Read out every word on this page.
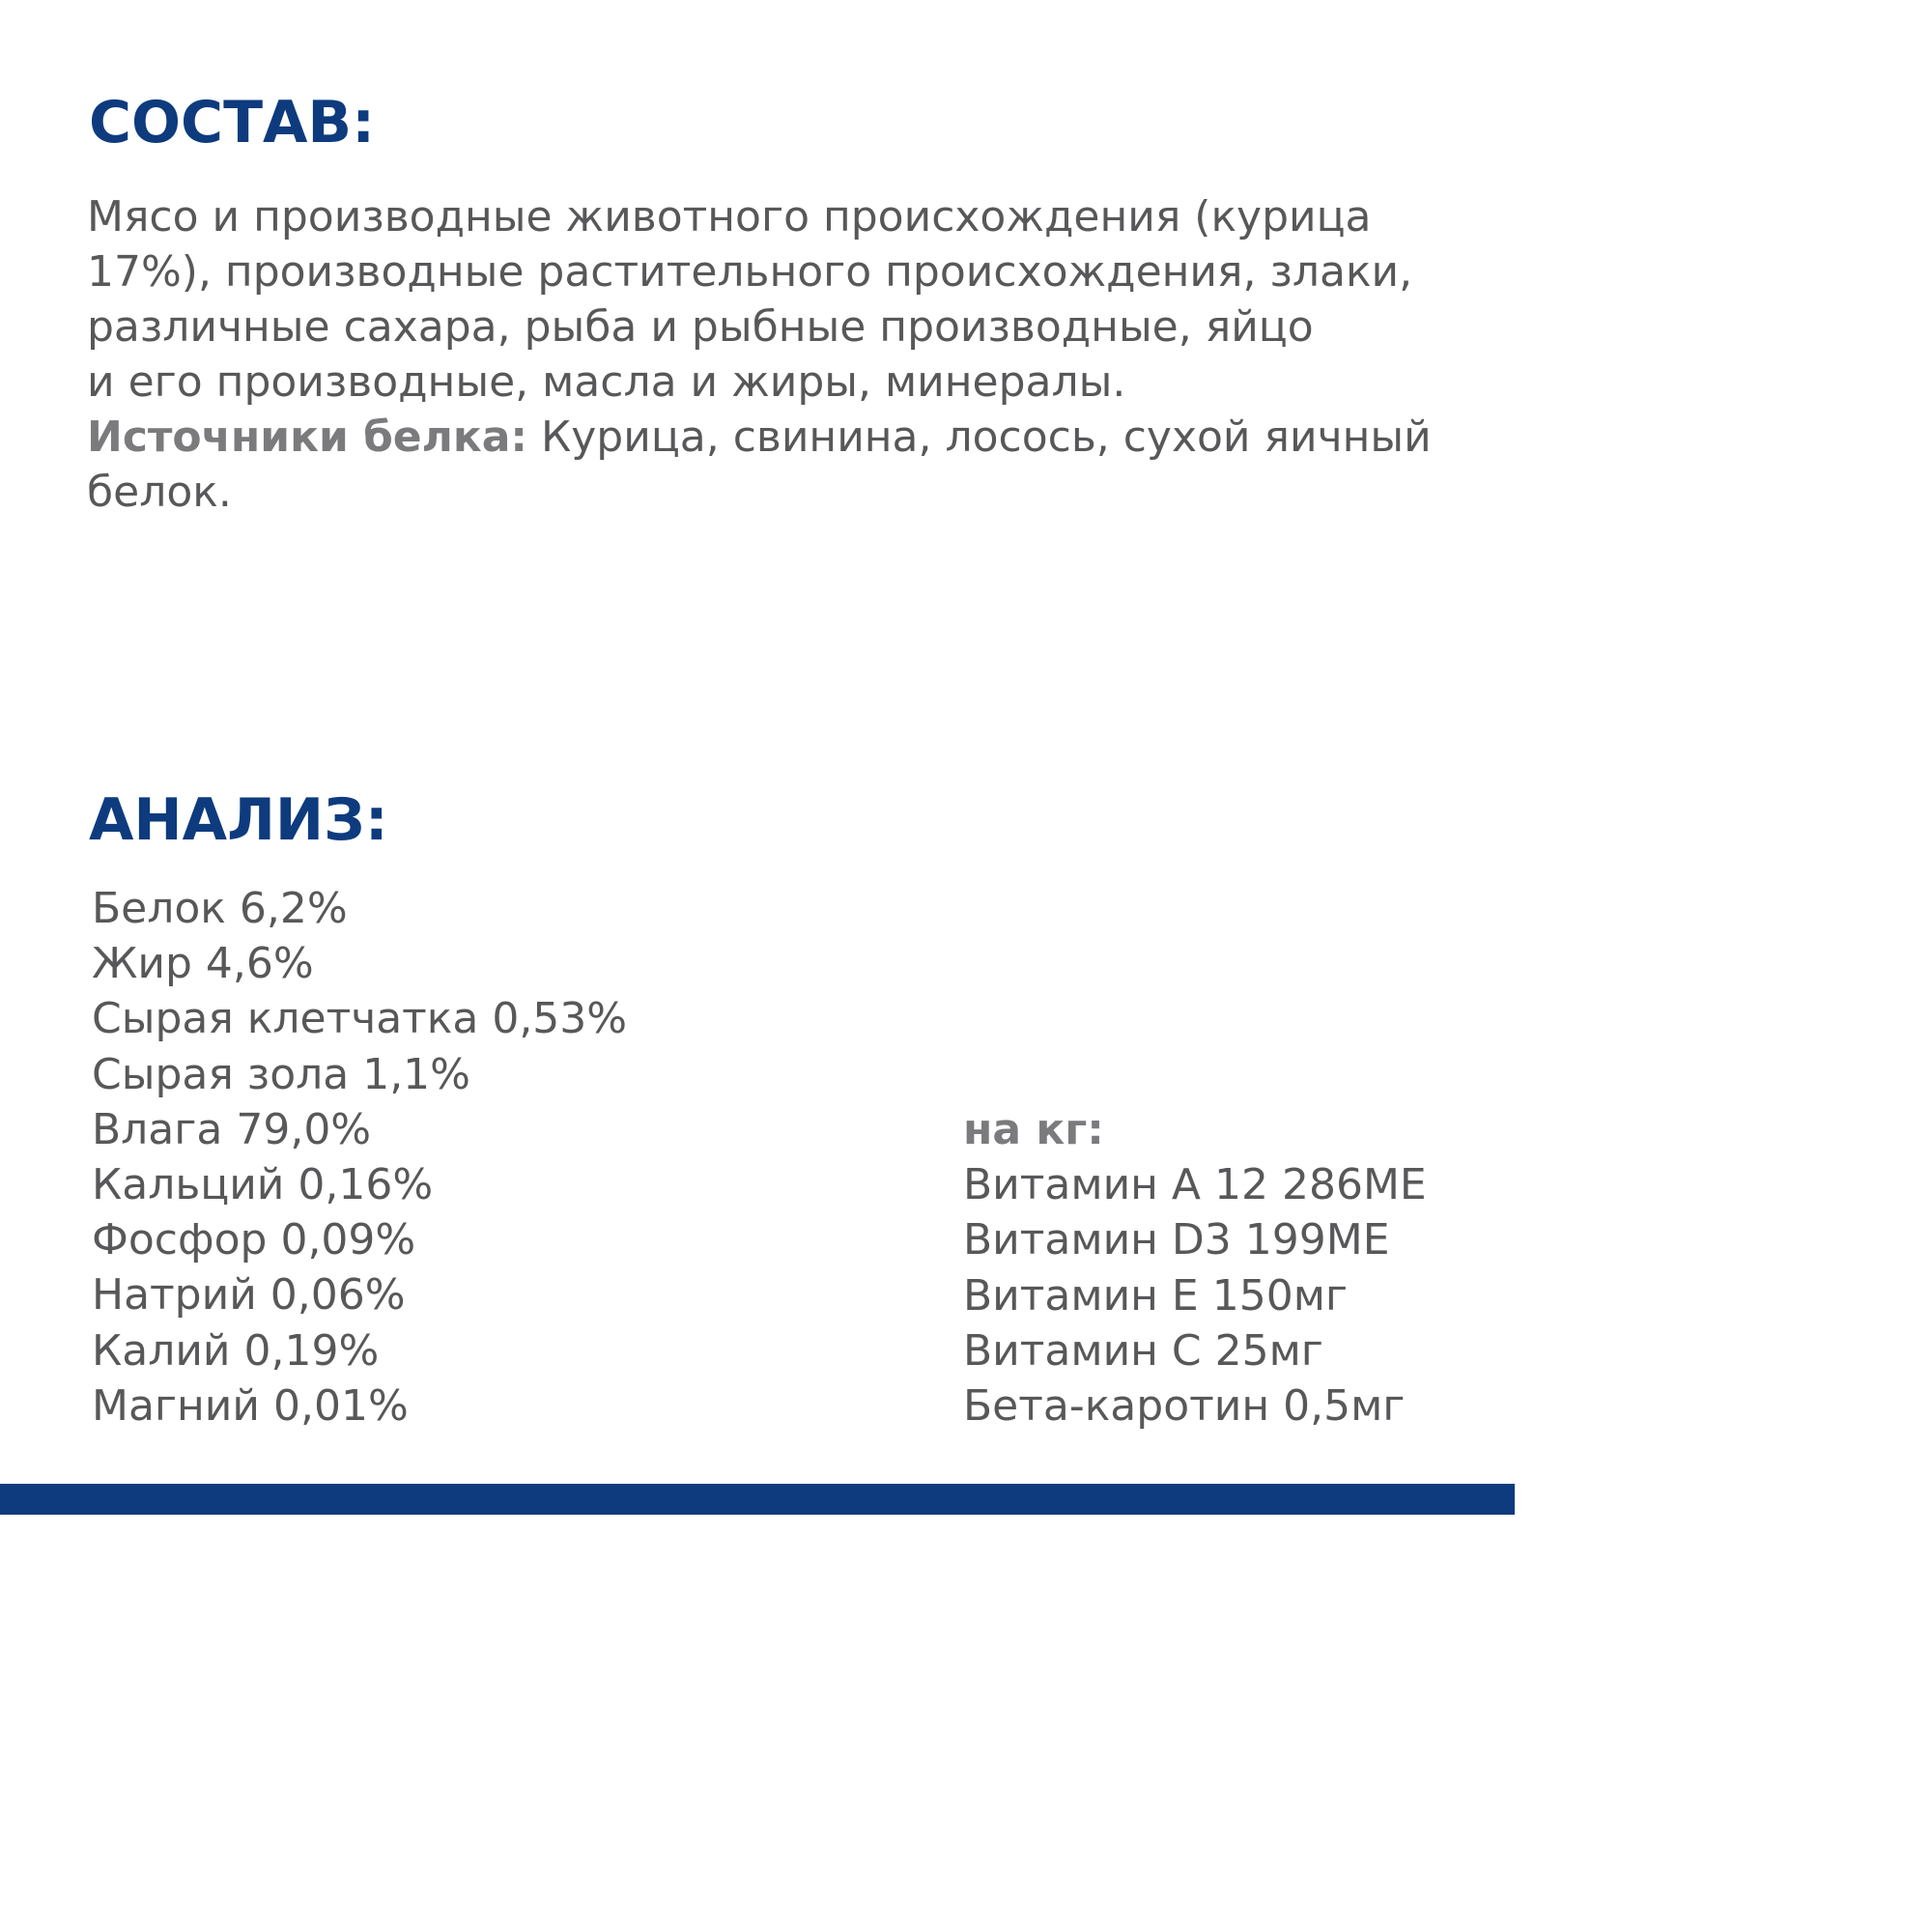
СОСТАВ:

Мясо и производные животного происхождения (курица
17%), производные растительного происхождения, злаки,
различные сахара, рыба и рыбные производные, яйцо
и его производные, масла и жиры, минералы.
Источники белка: Курица, свинина, лосось, сухой яичный
белок.

АНАЛИЗ:
Белок 6,2%
Жир 4,6%
Сырая клетчатка 0,53%
Сырая зола 1,1%
Влага 79,0%
Кальций 0,16%
Фосфор 0,09%
Натрий 0,06%
Калий 0,19%
Магний 0,01%
на кг:
Витамин А 12 286МЕ
Витамин D3 199МЕ
Витамин Е 150мг
Витамин С 25мг
Бета-каротин 0,5мг
